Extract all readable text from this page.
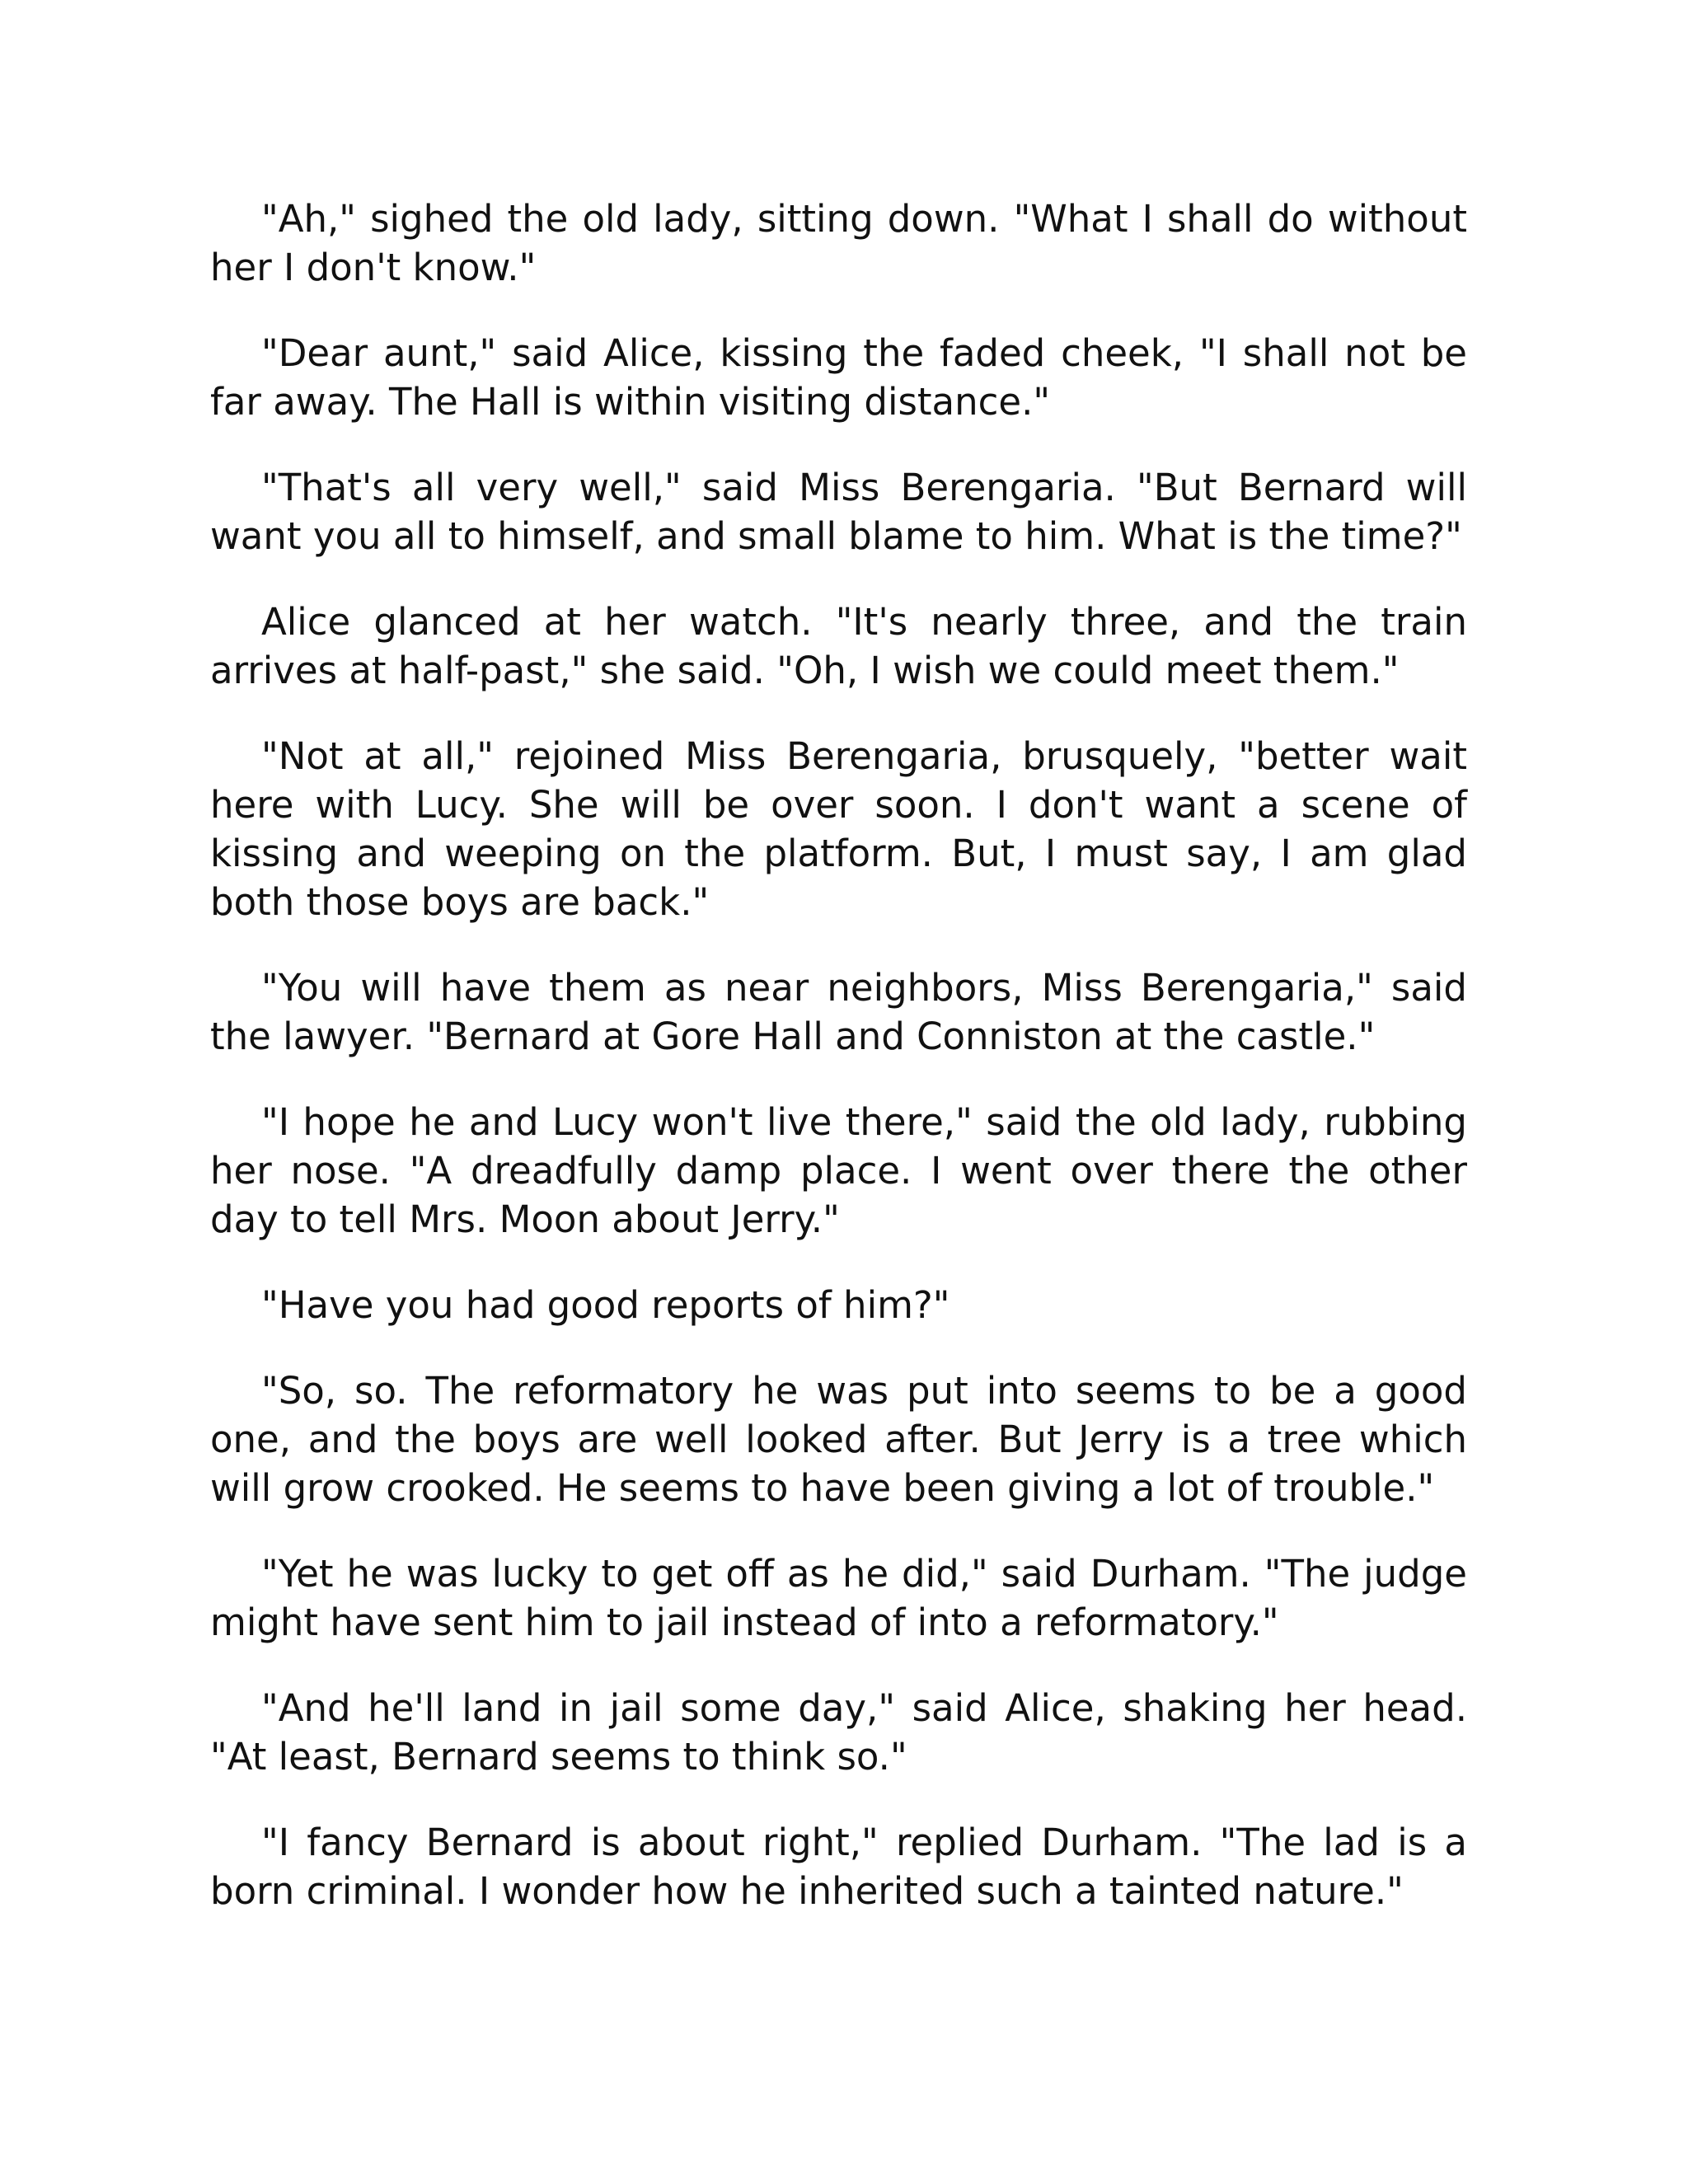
"Ah," sighed the old lady, sitting down. "What I shall do without her I don't know."

"Dear aunt," said Alice, kissing the faded cheek, "I shall not be far away. The Hall is within visiting distance."

"That's all very well," said Miss Berengaria. "But Bernard will want you all to himself, and small blame to him. What is the time?"

Alice glanced at her watch. "It's nearly three, and the train arrives at half-past," she said. "Oh, I wish we could meet them."

"Not at all," rejoined Miss Berengaria, brusquely, "better wait here with Lucy. She will be over soon. I don't want a scene of kissing and weeping on the platform. But, I must say, I am glad both those boys are back."

"You will have them as near neighbors, Miss Berengaria," said the lawyer. "Bernard at Gore Hall and Conniston at the castle."

"I hope he and Lucy won't live there," said the old lady, rubbing her nose. "A dreadfully damp place. I went over there the other day to tell Mrs. Moon about Jerry."

"Have you had good reports of him?"

"So, so. The reformatory he was put into seems to be a good one, and the boys are well looked after. But Jerry is a tree which will grow crooked. He seems to have been giving a lot of trouble."

"Yet he was lucky to get off as he did," said Durham. "The judge might have sent him to jail instead of into a reformatory."

"And he'll land in jail some day," said Alice, shaking her head. "At least, Bernard seems to think so."

"I fancy Bernard is about right," replied Durham. "The lad is a born criminal. I wonder how he inherited such a tainted nature."
